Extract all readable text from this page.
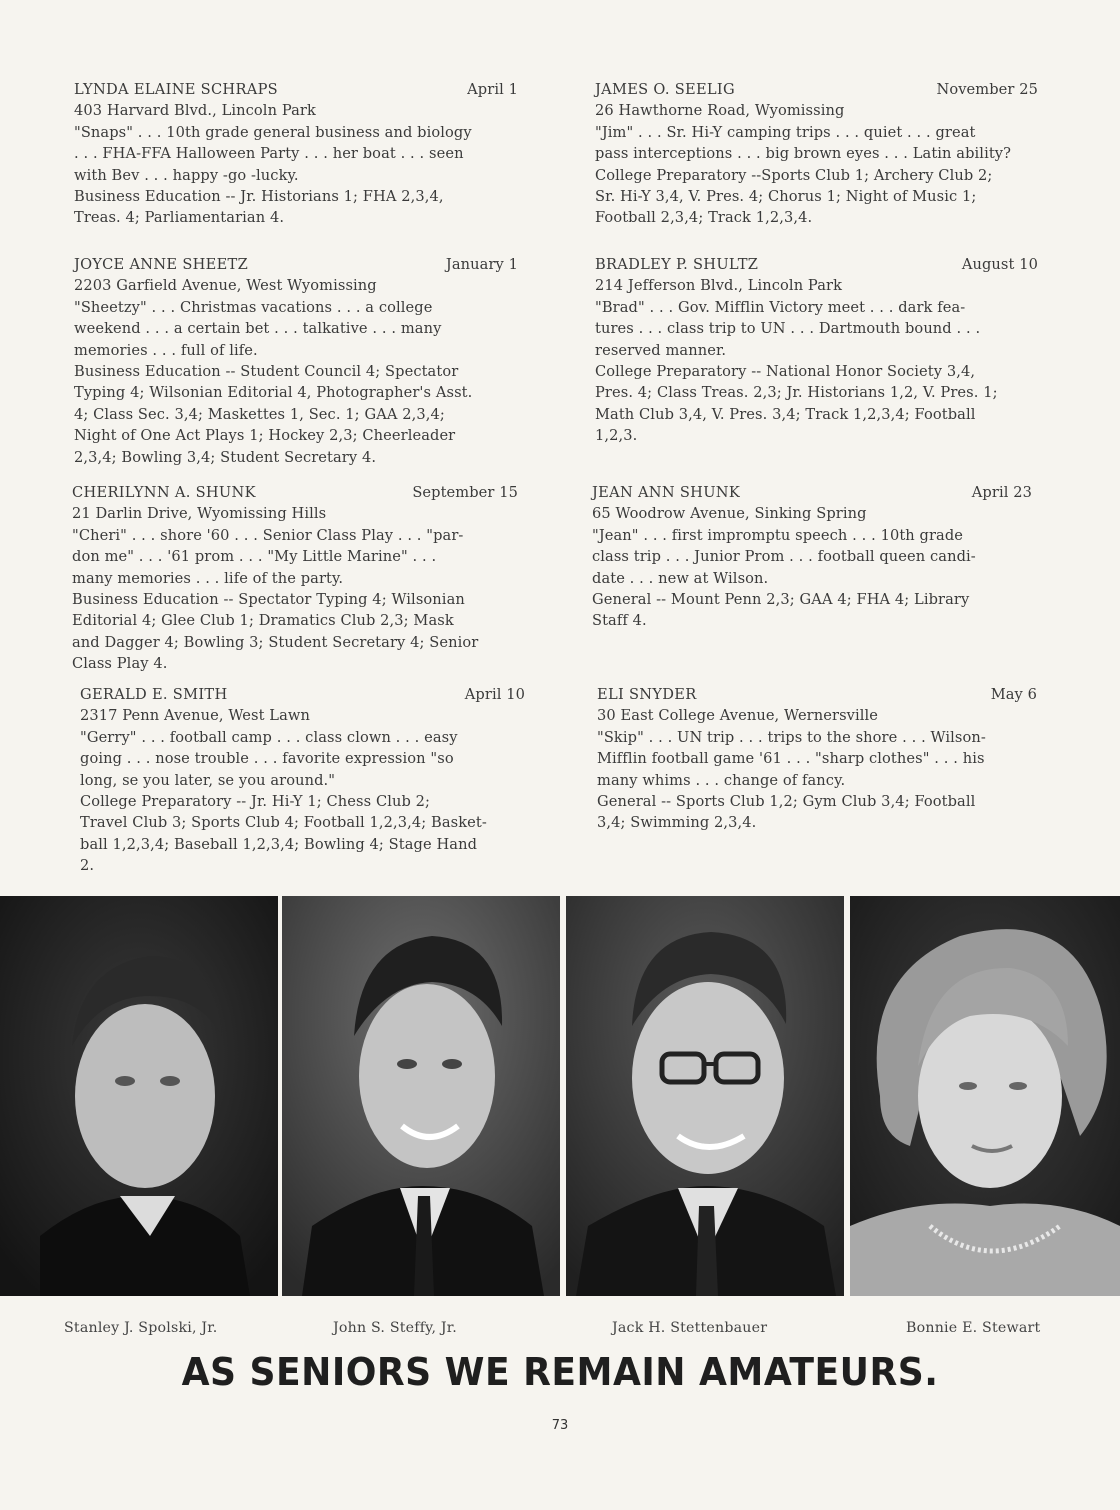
LYNDA ELAINE SCHRAPS	April 1
403 Harvard Blvd., Lincoln Park
"Snaps" . . . 10th grade general business and biology
. . . FHA-FFA Halloween Party . . . her boat . . . seen
with Bev . . . happy -go -lucky.
Business Education -- Jr. Historians 1; FHA 2,3,4,
Treas. 4; Parliamentarian 4.
JAMES O. SEELIG	November 25
26 Hawthorne Road, Wyomissing
"Jim" . . . Sr. Hi-Y camping trips . . . quiet . . . great
pass interceptions . . . big brown eyes . . . Latin ability?
College Preparatory --Sports Club 1; Archery Club 2;
Sr. Hi-Y 3,4, V. Pres. 4; Chorus 1; Night of Music 1;
Football 2,3,4; Track 1,2,3,4.
JOYCE ANNE SHEETZ	January 1
2203 Garfield Avenue, West Wyomissing
"Sheetzy" . . . Christmas vacations . . . a college
weekend . . . a certain bet . . . talkative . . . many
memories . . . full of life.
Business Education -- Student Council 4; Spectator
Typing 4; Wilsonian Editorial 4, Photographer's Asst.
4; Class Sec. 3,4; Maskettes 1, Sec. 1; GAA 2,3,4;
Night of One Act Plays 1; Hockey 2,3; Cheerleader
2,3,4; Bowling 3,4; Student Secretary 4.
BRADLEY P. SHULTZ	August 10
214 Jefferson Blvd., Lincoln Park
"Brad" . . . Gov. Mifflin Victory meet . . . dark fea-
tures . . . class trip to UN . . . Dartmouth bound . . .
reserved manner.
College Preparatory -- National Honor Society 3,4,
Pres. 4; Class Treas. 2,3; Jr. Historians 1,2, V. Pres. 1;
Math Club 3,4, V. Pres. 3,4; Track 1,2,3,4; Football
1,2,3.
CHERILYNN A. SHUNK	September 15
21 Darlin Drive, Wyomissing Hills
"Cheri" . . . shore '60 . . . Senior Class Play . . . "par-
don me" . . . '61 prom . . . "My Little Marine" . . .
many memories . . . life of the party.
Business Education -- Spectator Typing 4; Wilsonian
Editorial 4; Glee Club 1; Dramatics Club 2,3; Mask
and Dagger 4; Bowling 3; Student Secretary 4; Senior
Class Play 4.
JEAN ANN SHUNK	April 23
65 Woodrow Avenue, Sinking Spring
"Jean" . . . first impromptu speech . . . 10th grade
class trip . . . Junior Prom . . . football queen candi-
date . . . new at Wilson.
General -- Mount Penn 2,3; GAA 4; FHA 4; Library
Staff 4.
GERALD E. SMITH	April 10
2317 Penn Avenue, West Lawn
"Gerry" . . . football camp . . . class clown . . . easy
going . . . nose trouble . . . favorite expression "so
long, se you later, se you around."
College Preparatory -- Jr. Hi-Y 1; Chess Club 2;
Travel Club 3; Sports Club 4; Football 1,2,3,4; Basket-
ball 1,2,3,4; Baseball 1,2,3,4; Bowling 4; Stage Hand
2.
ELI SNYDER	May 6
30 East College Avenue, Wernersville
"Skip" . . . UN trip . . . trips to the shore . . . Wilson-
Mifflin football game '61 . . . "sharp clothes" . . . his
many whims . . . change of fancy.
General -- Sports Club 1,2; Gym Club 3,4; Football
3,4; Swimming 2,3,4.
Stanley J. Spolski, Jr.	John S. Steffy, Jr.	Jack H. Stettenbauer	Bonnie E. Stewart
AS SENIORS WE REMAIN AMATEURS.
73
